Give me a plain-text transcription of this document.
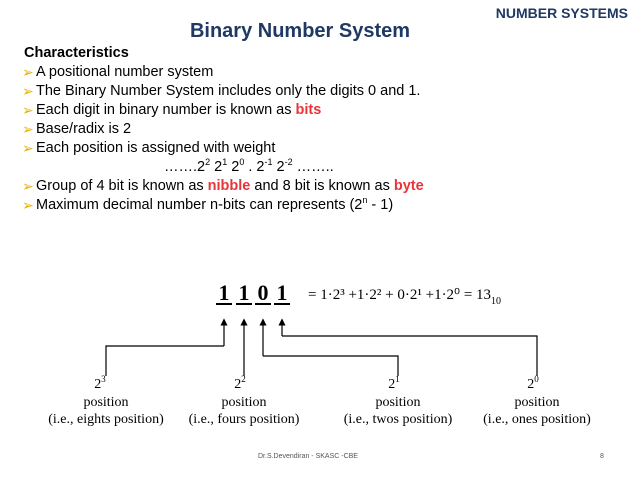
NUMBER SYSTEMS
Binary Number System
Characteristics
➢ A positional number system
➢ The Binary Number System includes only the digits 0 and 1.
➢ Each digit in binary number is known as bits
➢ Base/radix is 2
➢ Each position is assigned with weight
$\dots\dots.2^2$ $2^1$ $2^0$ . $2^{-1}$ $2^{-2}$ ……..
➢ Group of 4 bit is known as nibble and 8 bit is known as byte
➢ Maximum decimal number n-bits can represents (2$^n$ - 1)
1 1 0 $1 = 1\cdot 2^3 +1\cdot 2^2 + 0\cdot 2^1 +1\cdot 2^0 = 13_{10}$
$2^3$
position
(i.e., eights position)
$2^2$
position
(i.e., fours position)
$2^1$
position
(i.e., twos position)
$2^0$
position
(i.e., ones position)
Dr.S.Devendiran - SKASC -CBE	8
